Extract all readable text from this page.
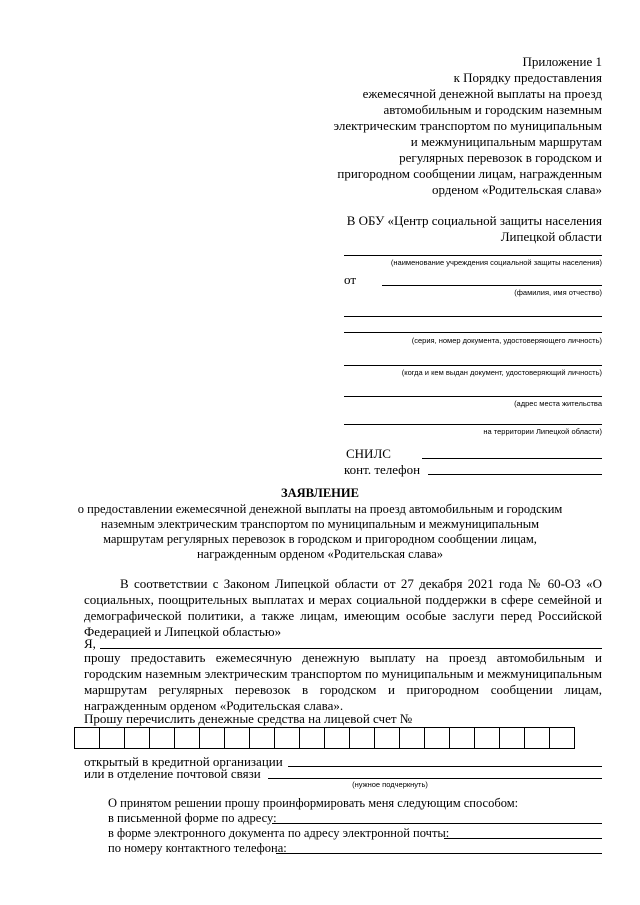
Приложение 1
к Порядку предоставления
ежемесячной денежной выплаты на проезд
автомобильным и городским наземным
электрическим транспортом по муниципальным
и межмуниципальным маршрутам
регулярных перевозок в городском и
пригородном сообщении лицам, награжденным
орденом «Родительская слава»
В ОБУ «Центр социальной защиты населения
Липецкой области
(наименование учреждения социальной защиты населения)
от
(фамилия, имя отчество)
(серия, номер документа, удостоверяющего личность)
(когда и кем выдан документ, удостоверяющий личность)
(адрес места жительства
на территории Липецкой области)
СНИЛС
конт. телефон
ЗАЯВЛЕНИЕ
о предоставлении ежемесячной денежной выплаты на проезд автомобильным и городским
наземным электрическим транспортом по муниципальным и межмуниципальным
маршрутам регулярных перевозок в городском и пригородном сообщении лицам,
награжденным орденом «Родительская слава»
В соответствии с Законом Липецкой области от 27 декабря 2021 года № 60-ОЗ «О социальных, поощрительных выплатах и мерах социальной поддержки в сфере семейной и демографической политики, а также лицам, имеющим особые заслуги перед Российской Федерацией и Липецкой областью»
Я,
прошу предоставить ежемесячную денежную выплату на проезд автомобильным и городским наземным электрическим транспортом по муниципальным и межмуниципальным маршрутам регулярных перевозок в городском и пригородном сообщении лицам, награжденным орденом «Родительская слава».
Прошу перечислить денежные средства на лицевой счет №

открытый в кредитной организации
или в отделение почтовой связи
(нужное подчеркнуть)
О принятом решении прошу проинформировать меня следующим способом:
в письменной форме по адресу:
в форме электронного документа по адресу электронной почты:
по номеру контактного телефона:
